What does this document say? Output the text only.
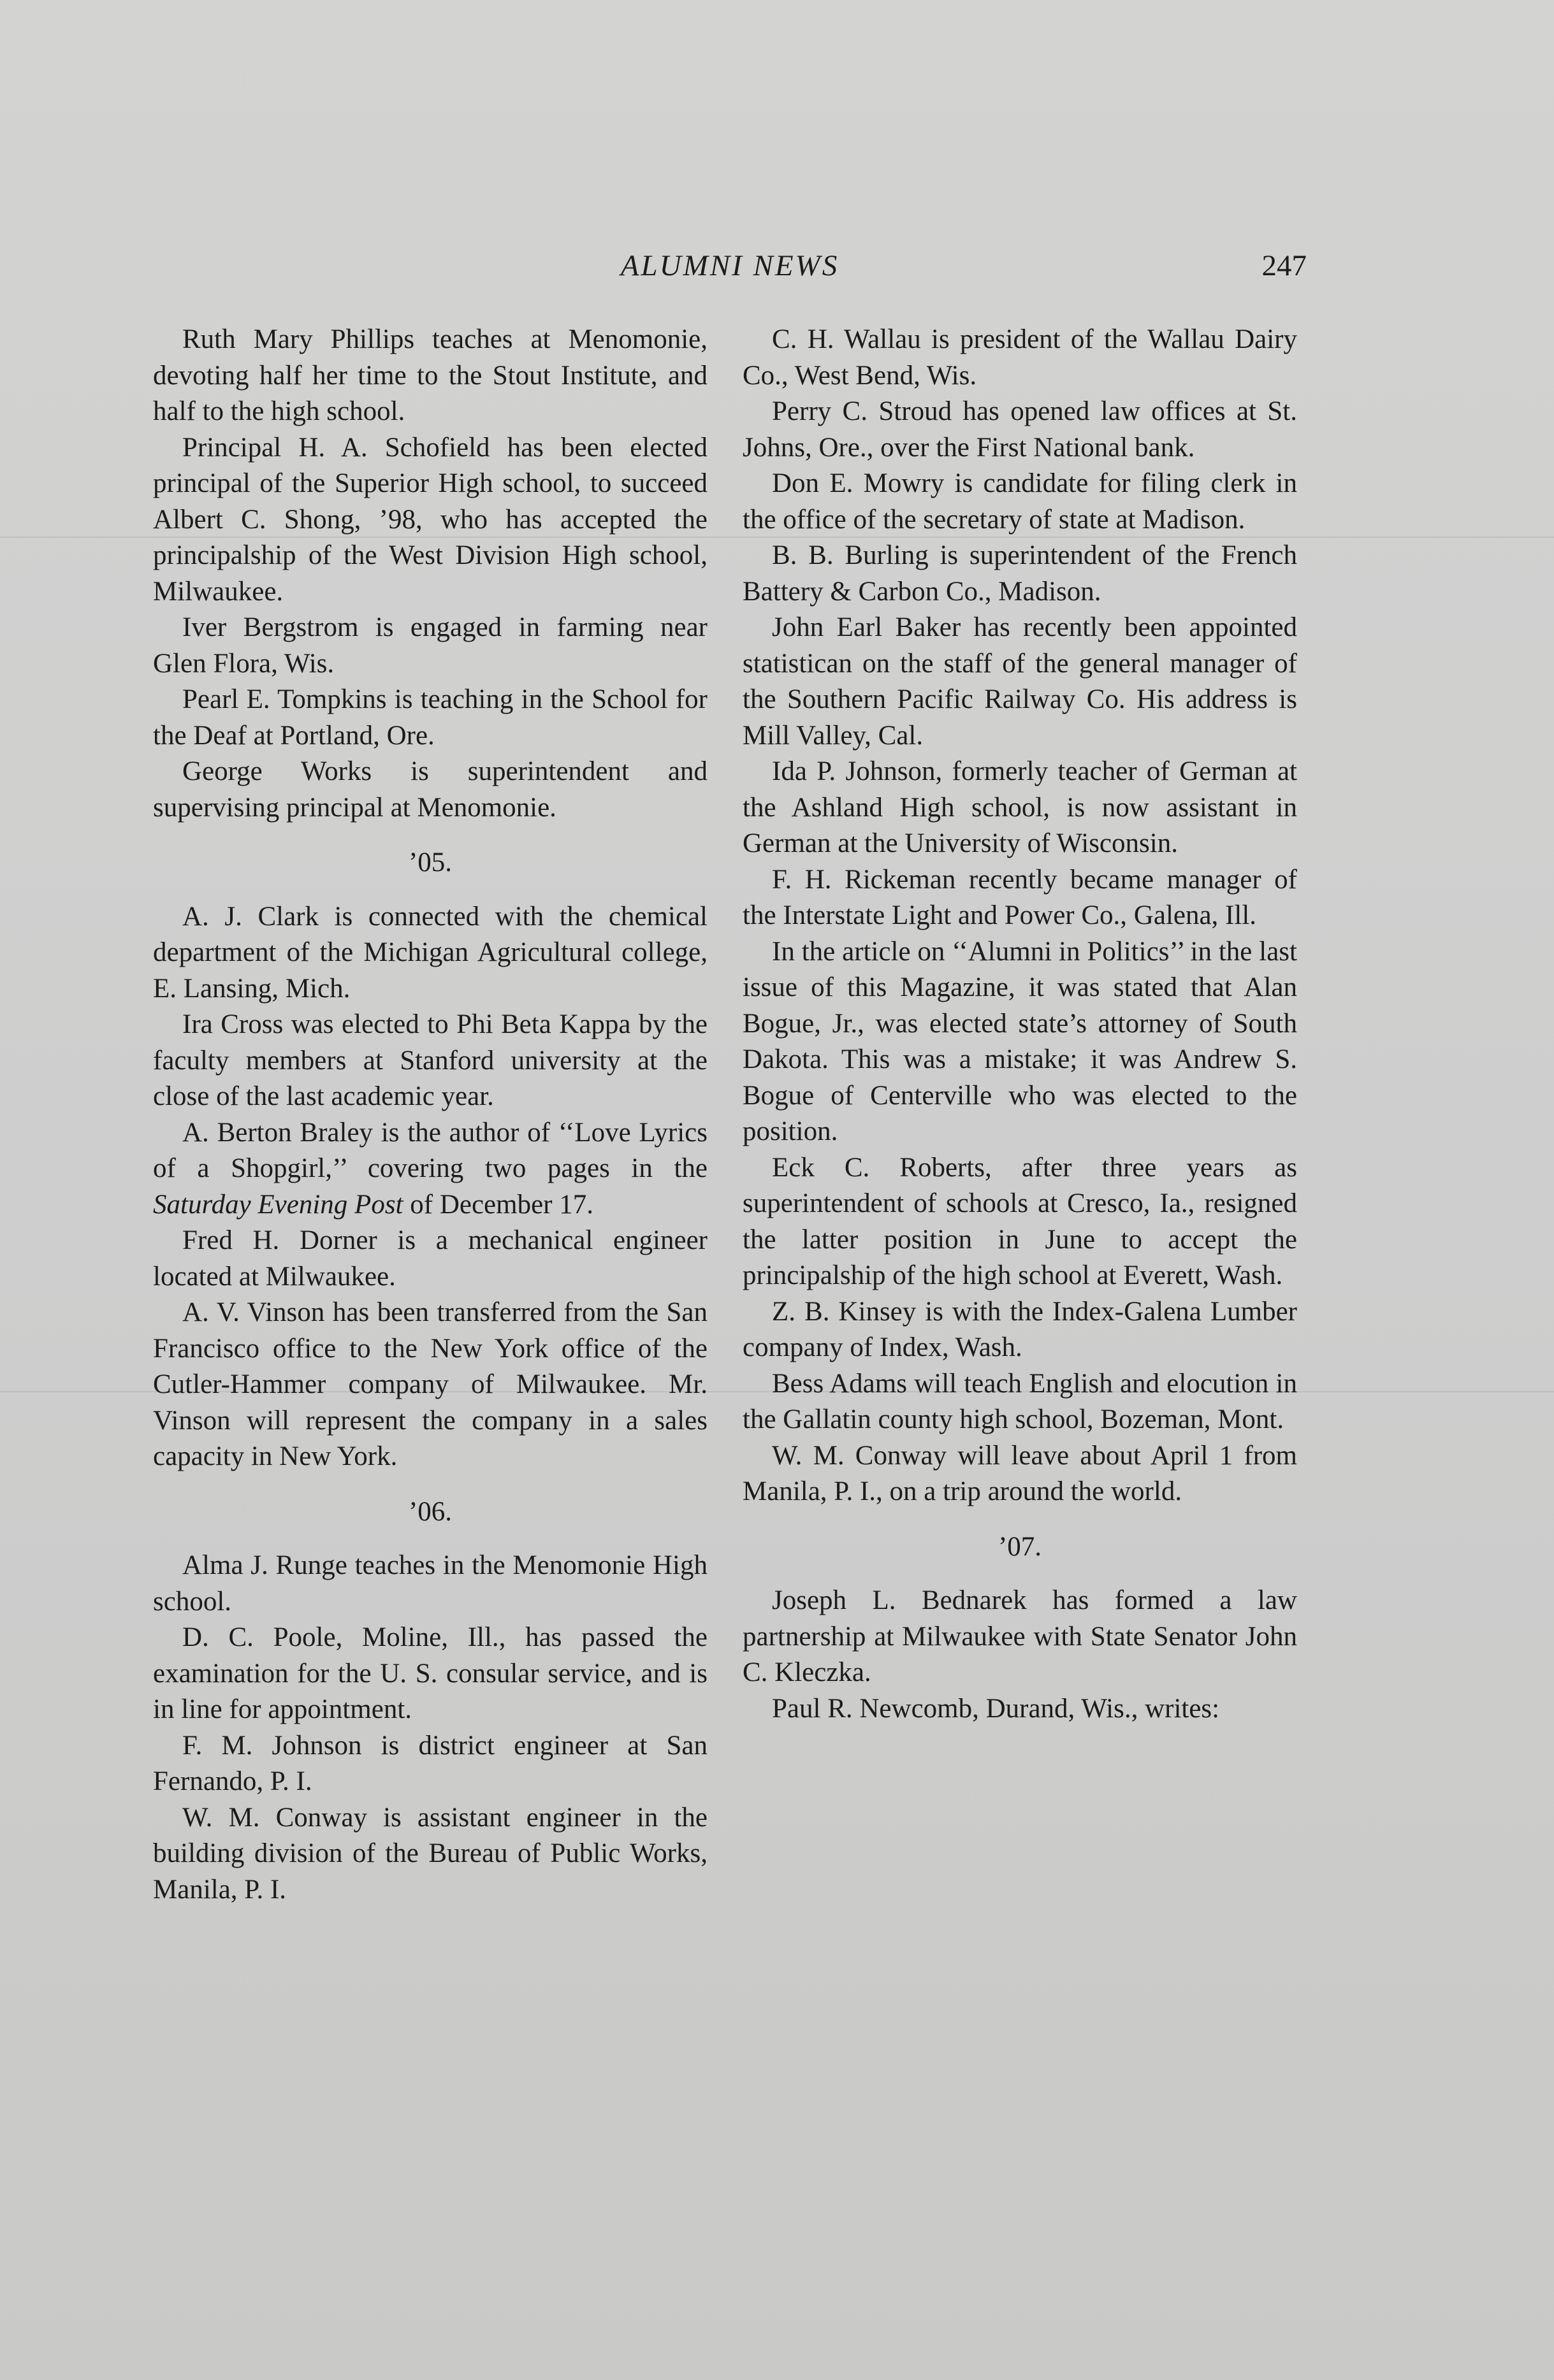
ALUMNI NEWS	247

Ruth Mary Phillips teaches at Menomonie, devoting half her time to the Stout Institute, and half to the high school.

Principal H. A. Schofield has been elected principal of the Superior High school, to succeed Albert C. Shong, ’98, who has accepted the principalship of the West Division High school, Milwaukee.

Iver Bergstrom is engaged in farming near Glen Flora, Wis.

Pearl E. Tompkins is teaching in the School for the Deaf at Portland, Ore.

George Works is superintendent and supervising principal at Menomonie.

’05.

A. J. Clark is connected with the chemical department of the Michigan Agricultural college, E. Lansing, Mich.

Ira Cross was elected to Phi Beta Kappa by the faculty members at Stanford university at the close of the last academic year.

A. Berton Braley is the author of ‘‘Love Lyrics of a Shopgirl,’’ covering two pages in the Saturday Evening Post of December 17.

Fred H. Dorner is a mechanical engineer located at Milwaukee.

A. V. Vinson has been transferred from the San Francisco office to the New York office of the Cutler-Hammer company of Milwaukee. Mr. Vinson will represent the company in a sales capacity in New York.

’06.

Alma J. Runge teaches in the Menomonie High school.

D. C. Poole, Moline, Ill., has passed the examination for the U. S. consular service, and is in line for appointment.

F. M. Johnson is district engineer at San Fernando, P. I.

W. M. Conway is assistant engineer in the building division of the Bureau of Public Works, Manila, P. I.

C. H. Wallau is president of the Wallau Dairy Co., West Bend, Wis.

Perry C. Stroud has opened law offices at St. Johns, Ore., over the First National bank.

Don E. Mowry is candidate for filing clerk in the office of the secretary of state at Madison.

B. B. Burling is superintendent of the French Battery & Carbon Co., Madison.

John Earl Baker has recently been appointed statistican on the staff of the general manager of the Southern Pacific Railway Co. His address is Mill Valley, Cal.

Ida P. Johnson, formerly teacher of German at the Ashland High school, is now assistant in German at the University of Wisconsin.

F. H. Rickeman recently became manager of the Interstate Light and Power Co., Galena, Ill.

In the article on ‘‘Alumni in Politics’’ in the last issue of this Magazine, it was stated that Alan Bogue, Jr., was elected state’s attorney of South Dakota. This was a mistake; it was Andrew S. Bogue of Centerville who was elected to the position.

Eck C. Roberts, after three years as superintendent of schools at Cresco, Ia., resigned the latter position in June to accept the principalship of the high school at Everett, Wash.

Z. B. Kinsey is with the Index-Galena Lumber company of Index, Wash.

Bess Adams will teach English and elocution in the Gallatin county high school, Bozeman, Mont.

W. M. Conway will leave about April 1 from Manila, P. I., on a trip around the world.

’07.

Joseph L. Bednarek has formed a law partnership at Milwaukee with State Senator John C. Kleczka.

Paul R. Newcomb, Durand, Wis., writes:
